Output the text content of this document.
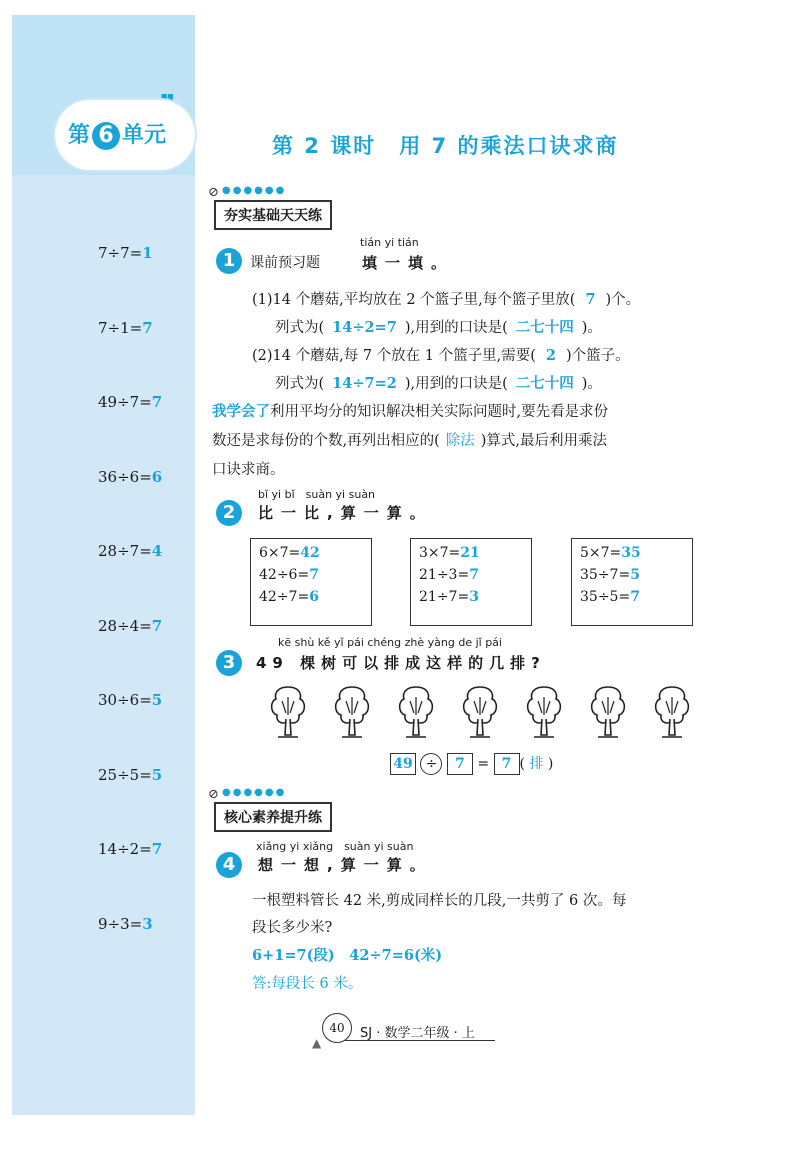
第 6 单元
7÷7=1
7÷1=7
49÷7=7
36÷6=6
28÷7=4
28÷4=7
30÷6=5
25÷5=5
14÷2=7
9÷3=3
第 2 课时　用 7 的乘法口诀求商
●●●●●●
⊘
夯实基础天天练
1
tián yi tián
课前预习题	填一填。
(1)14 个蘑菇,平均放在 2 个篮子里,每个篮子里放( 7 )个。
列式为( 14÷2=7 ),用到的口诀是( 二七十四 )。
(2)14 个蘑菇,每 7 个放在 1 个篮子里,需要( 2 )个篮子。
列式为( 14÷7=2 ),用到的口诀是( 二七十四 )。
我学会了利用平均分的知识解决相关实际问题时,要先看是求份
数还是求每份的个数,再列出相应的( 除法 )算式,最后利用乘法
口诀求商。
2
bǐ yi bǐ　suàn yi suàn
比一比,算一算。
6×7=42
42÷6=7
42÷7=6
3×7=21
21÷3=7
21÷7=3
5×7=35
35÷7=5
35÷5=7
3
kē shù kě yǐ pái chéng zhè yàng de jǐ pái
49 棵树可以排成这样的几排?
49 ÷ 7 = 7 ( 排 )
●●●●●●
⊘
核心素养提升练
4
xiǎng yi xiǎng　suàn yi suàn
想一想,算一算。
一根塑料管长 42 米,剪成同样长的几段,一共剪了 6 次。每
段长多少米?
6+1=7(段)　42÷7=6(米)
答:每段长 6 米。
▲
40	SJ · 数学二年级 · 上
